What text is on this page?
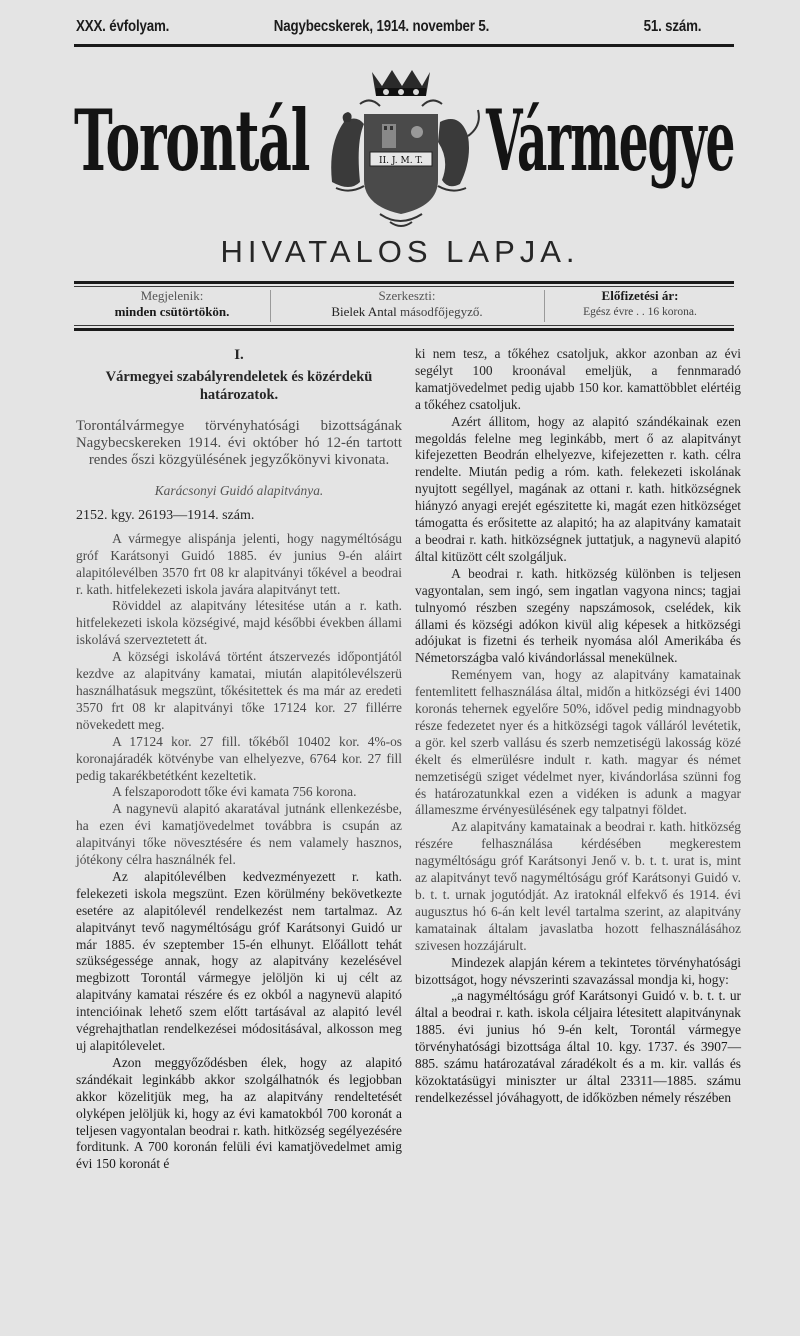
XXX. évfolyam.	Nagybecskerek, 1914. november 5.	51. szám.
Torontál Vármegye
II. J. M. T.
HIVATALOS LAPJA.
Megjelenik:
minden csütörtökön.
Szerkeszti:
Bielek Antal másodfőjegyző.
Előfizetési ár:
Egész évre . . 16 korona.
I.
Vármegyei szabályrendeletek és közérdekü határozatok.

Torontálvármegye törvényhatósági bizottságának Nagybecskereken 1914. évi október hó 12-én tartott rendes őszi közgyülésének jegyzőkönyvi kivonata.

Karácsonyi Guidó alapitványa.
2152. kgy. 26193—1914. szám.

A vármegye alispánja jelenti, hogy nagyméltóságu gróf Karátsonyi Guidó 1885. év junius 9-én aláirt alapitólevélben 3570 frt 08 kr alapitványi tőkével a beodrai r. kath. hitfelekezeti iskola javára alapitványt tett.

Röviddel az alapitvány létesitése után a r. kath. hitfelekezeti iskola községivé, majd későbbi években állami iskolává szerveztetett át.

A községi iskolává történt átszervezés időpontjától kezdve az alapitvány kamatai, miután alapitólevélszerü használhatásuk megszünt, tőkésitettek és ma már az eredeti 3570 frt 08 kr alapitványi tőke 17124 kor. 27 fillérre növekedett meg.

A 17124 kor. 27 fill. tőkéből 10402 kor. 4%-os koronajáradék kötvénybe van elhelyezve, 6764 kor. 27 fill pedig takarékbetétként kezeltetik.

A felszaporodott tőke évi kamata 756 korona.

A nagynevü alapitó akaratával jutnánk ellenkezésbe, ha ezen évi kamatjövedelmet továbbra is csupán az alapitványi tőke növesztésére és nem valamely hasznos, jótékony célra használnék fel.

Az alapitólevélben kedvezményezett r. kath. felekezeti iskola megszünt. Ezen körülmény bekövetkezte esetére az alapitólevél rendelkezést nem tartalmaz. Az alapitványt tevő nagyméltóságu gróf Karátsonyi Guidó ur már 1885. év szeptember 15-én elhunyt. Előállott tehát szükségessége annak, hogy az alapitvány kezelésével megbizott Torontál vármegye jelöljön ki uj célt az alapitvány kamatai részére és ez okból a nagynevü alapitó intencióinak lehető szem előtt tartásával az alapitó levél végrehajthatlan rendelkezései módositásával, alkosson meg uj alapitólevelet.

Azon meggyőződésben élek, hogy az alapitó szándékait leginkább akkor szolgálhatnók és legjobban akkor közelitjük meg, ha az alapitvány rendeltetését olyképen jelöljük ki, hogy az évi kamatokból 700 koronát a teljesen vagyontalan beodrai r. kath. hitközség segélyezésére forditunk. A 700 koronán felüli évi kamatjövedelmet amig évi 150 koronát é

ki nem tesz, a tőkéhez csatoljuk, akkor azonban az évi segélyt 100 kroonával emeljük, a fennmaradó kamatjövedelmet pedig ujabb 150 kor. kamattöbblet elértéig a tőkéhez csatoljuk.

Azért állitom, hogy az alapitó szándékainak ezen megoldás felelne meg leginkább, mert ő az alapitványt kifejezetten Beodrán elhelyezve, kifejezetten r. kath. célra rendelte. Miután pedig a róm. kath. felekezeti iskolának nyujtott segéllyel, magának az ottani r. kath. hitközségnek hiányzó anyagi erejét egészitette ki, magát ezen hitközséget támogatta és erősitette az alapitó; ha az alapitvány kamatait a beodrai r. kath. hitközségnek juttatjuk, a nagynevü alapitó által kitüzött célt szolgáljuk.

A beodrai r. kath. hitközség különben is teljesen vagyontalan, sem ingó, sem ingatlan vagyona nincs; tagjai tulnyomó részben szegény napszámosok, cselédek, kik állami és községi adókon kivül alig képesek a hitközségi adójukat is fizetni és terheik nyomása alól Amerikába és Németországba való kivándorlással menekülnek.

Reményem van, hogy az alapitvány kamatainak fentemlitett felhasználása által, midőn a hitközségi évi 1400 koronás tehernek egyelőre 50%, idővel pedig mindnagyobb része fedezetet nyer és a hitközségi tagok válláról levétetik, a gör. kel szerb vallásu és szerb nemzetiségü lakosság közé ékelt és elmerülésre indult r. kath. magyar és német nemzetiségü sziget védelmet nyer, kivándorlása szünni fog és határozatunkkal ezen a vidéken is adunk a magyar állameszme érvényesülésének egy talpatnyi földet.

Az alapitvány kamatainak a beodrai r. kath. hitközség részére felhasználása kérdésében megkerestem nagyméltóságu gróf Karátsonyi Jenő v. b. t. t. urat is, mint az alapitványt tevő nagyméltóságu gróf Karátsonyi Guidó v. b. t. t. urnak jogutódját. Az iratoknál elfekvő és 1914. évi augusztus hó 6-án kelt levél tartalma szerint, az alapitvány kamatainak általam javaslatba hozott felhasználásához szivesen hozzájárult.

Mindezek alapján kérem a tekintetes törvényhatósági bizottságot, hogy névszerinti szavazással mondja ki, hogy:

„a nagyméltóságu gróf Karátsonyi Guidó v. b. t. t. ur által a beodrai r. kath. iskola céljaira létesitett alapitványnak 1885. évi junius hó 9-én kelt, Torontál vármegye törvényhatósági bizottsága által 10. kgy. 1737. és 3907—885. számu határozatával záradékolt és a m. kir. vallás és közoktatásügyi miniszter ur által 23311—1885. számu rendelkezéssel jóváhagyott, de időközben némely részében
